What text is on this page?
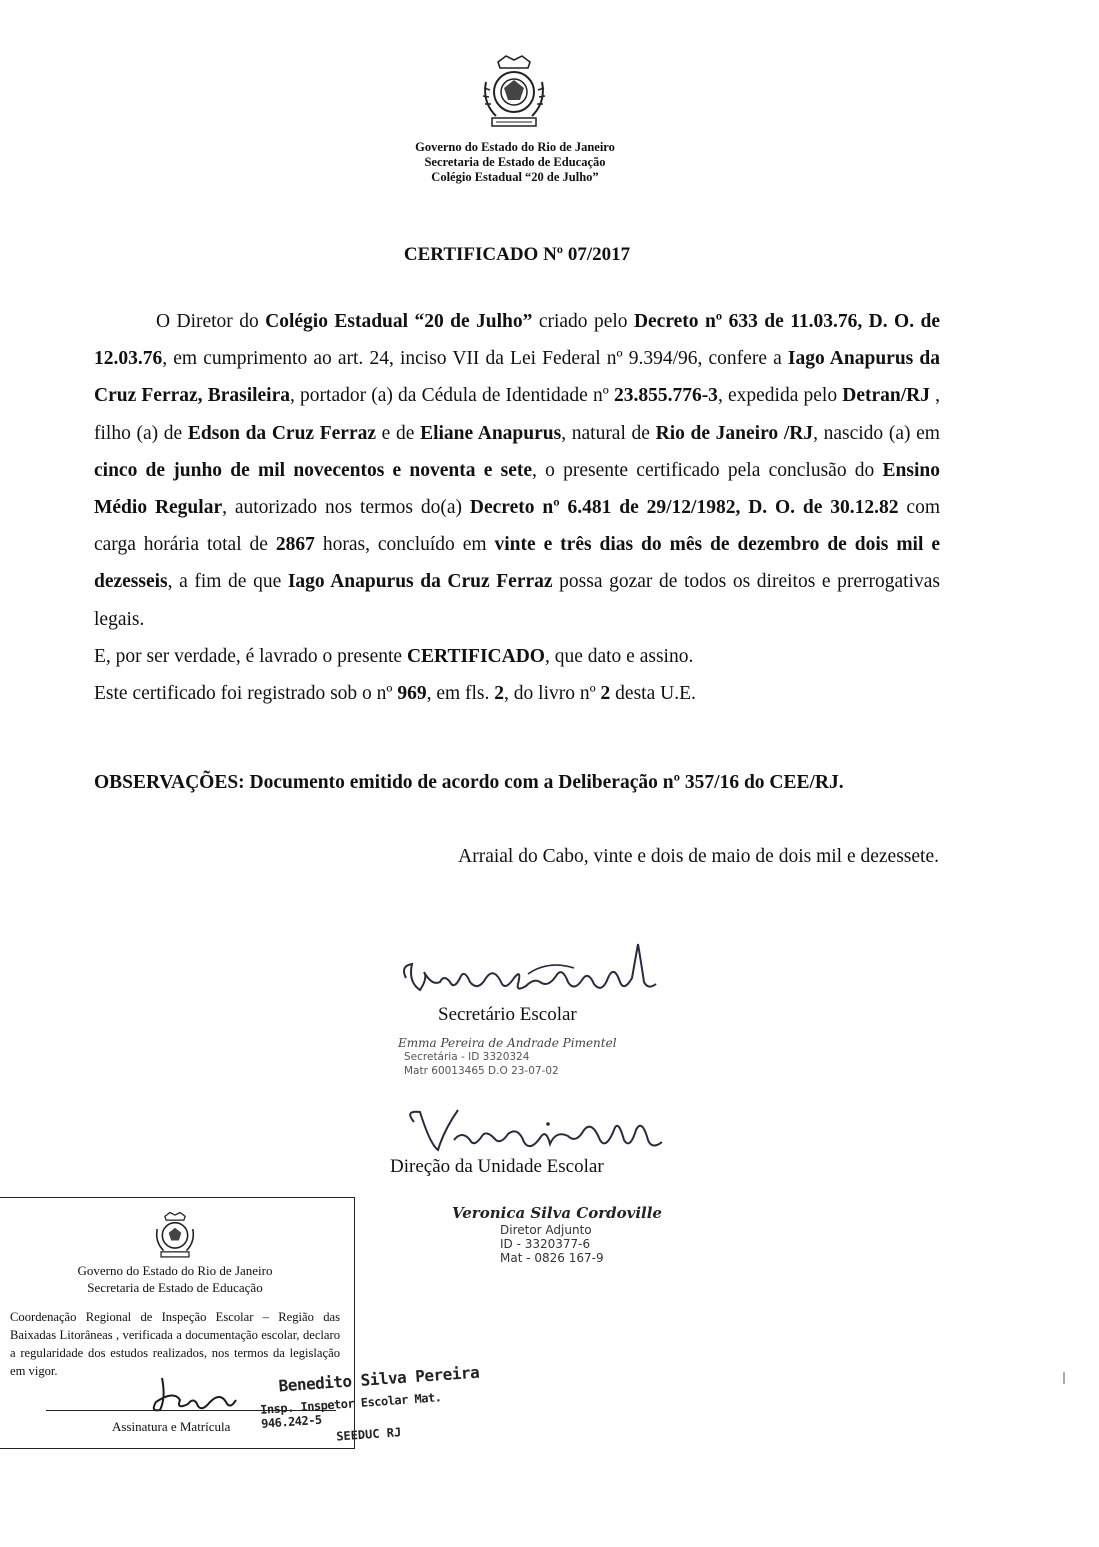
Governo do Estado do Rio de Janeiro
Secretaria de Estado de Educação
Colégio Estadual “20 de Julho”
CERTIFICADO Nº 07/2017

O Diretor do Colégio Estadual “20 de Julho” criado pelo Decreto nº 633 de 11.03.76, D. O. de 12.03.76, em cumprimento ao art. 24, inciso VII da Lei Federal nº 9.394/96, confere a Iago Anapurus da Cruz Ferraz, Brasileira, portador (a) da Cédula de Identidade nº 23.855.776-3, expedida pelo Detran/RJ , filho (a) de Edson da Cruz Ferraz e de Eliane Anapurus, natural de Rio de Janeiro /RJ, nascido (a) em cinco de junho de mil novecentos e noventa e sete, o presente certificado pela conclusão do Ensino Médio Regular, autorizado nos termos do(a) Decreto nº 6.481 de 29/12/1982, D. O. de 30.12.82 com carga horária total de 2867 horas, concluído em vinte e três dias do mês de dezembro de dois mil e dezesseis, a fim de que Iago Anapurus da Cruz Ferraz possa gozar de todos os direitos e prerrogativas legais.

E, por ser verdade, é lavrado o presente CERTIFICADO, que dato e assino.

Este certificado foi registrado sob o nº 969, em fls. 2, do livro nº 2 desta U.E.

OBSERVAÇÕES: Documento emitido de acordo com a Deliberação nº 357/16 do CEE/RJ.
Arraial do Cabo, vinte e dois de maio de dois mil e dezessete.
Secretário Escolar
Emma Pereira de Andrade Pimentel
Secretária - ID 3320324
Matr 60013465 D.O 23-07-02
Direção da Unidade Escolar
Veronica Silva Cordoville
Diretor Adjunto
ID - 3320377-6
Mat - 0826 167-9
Governo do Estado do Rio de Janeiro
Secretaria de Estado de Educação
Coordenação Regional de Inspeção Escolar – Região das Baixadas Litorâneas , verificada a documentação escolar, declaro a regularidade dos estudos realizados, nos termos da legislação em vigor.
Assinatura e Matrícula
Benedito Silva Pereira
Insp. Inspetor Escolar Mat. 946.242-5
SEEDUC RJ
